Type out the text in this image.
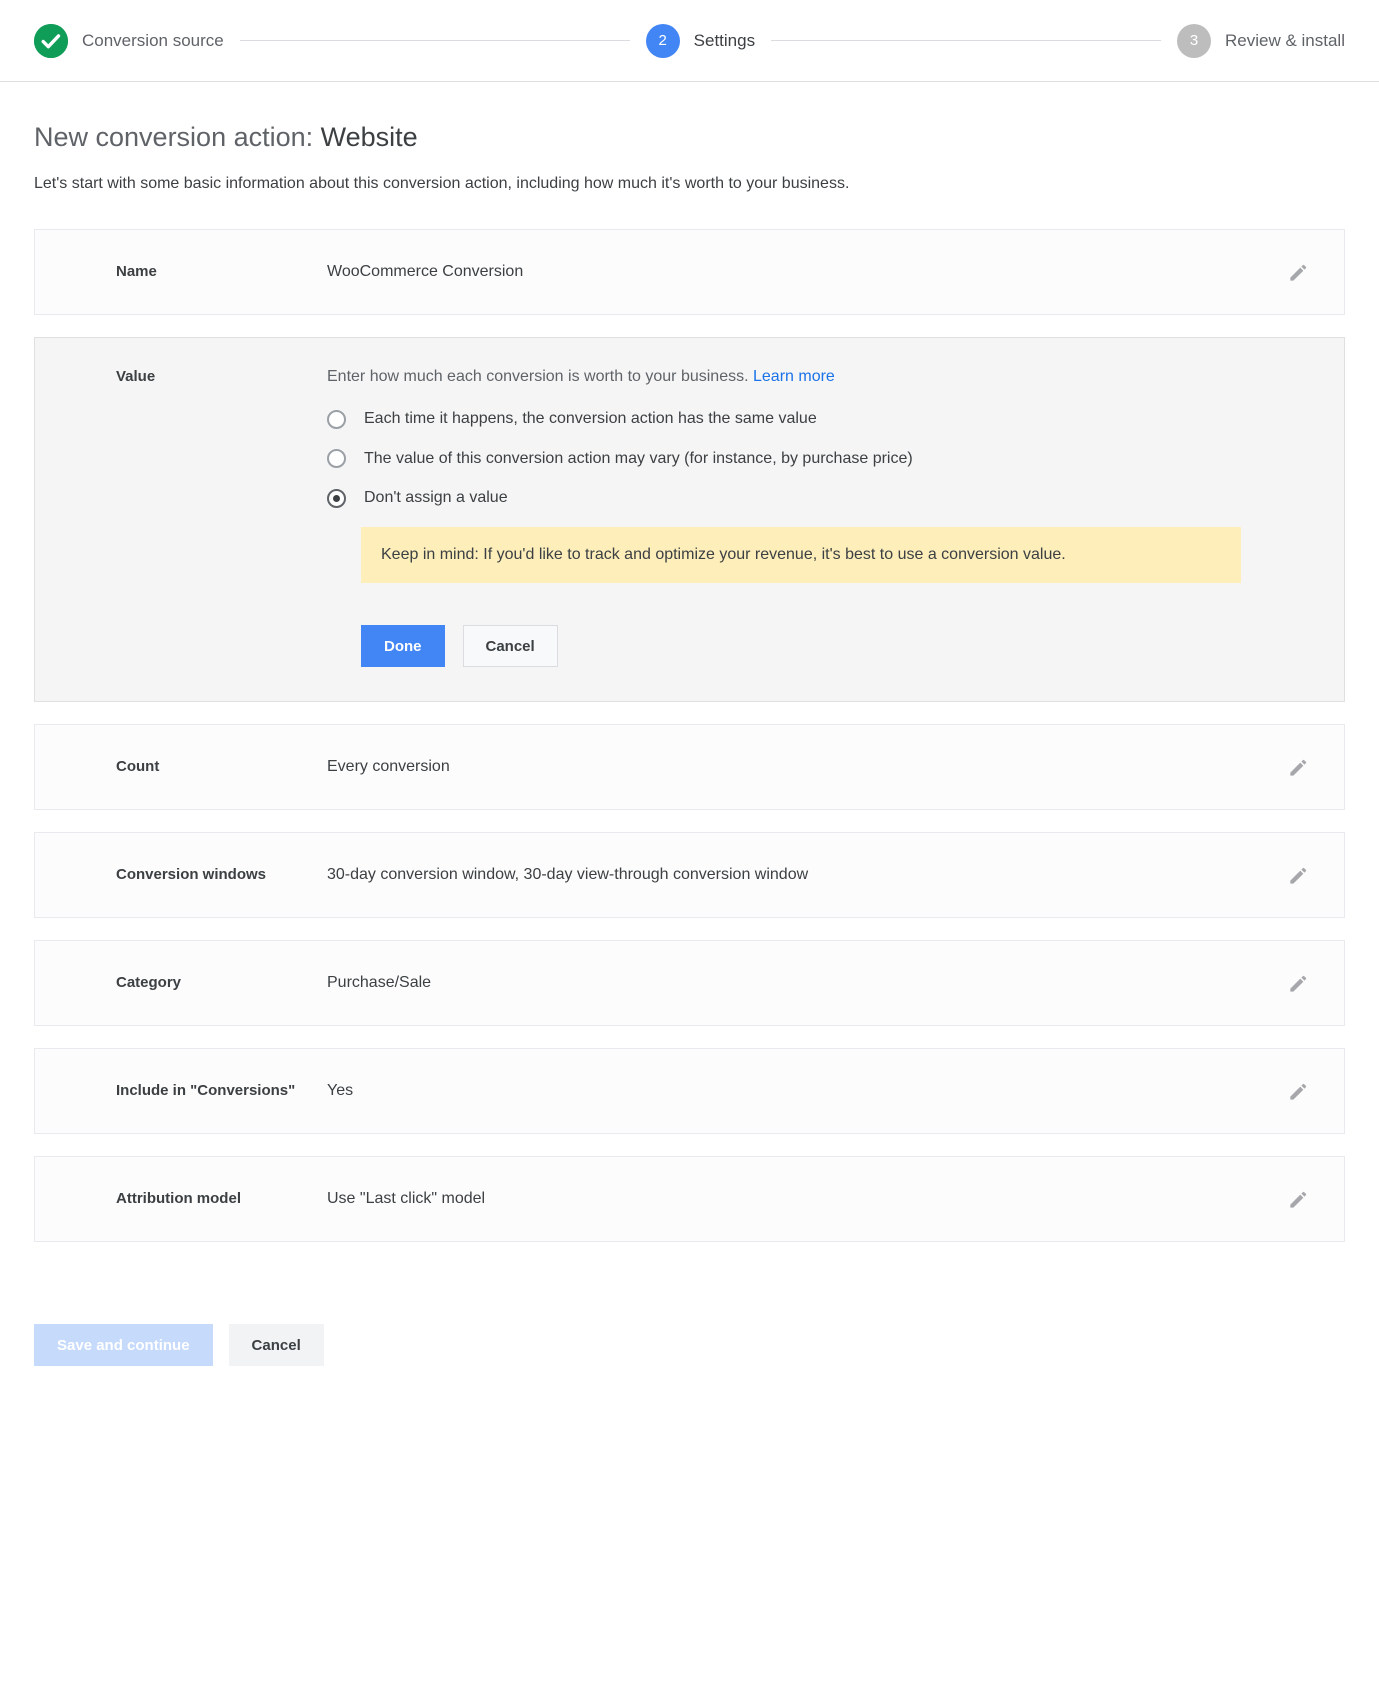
Conversion source	2	Settings	3	Review & install
New conversion action: Website

Let's start with some basic information about this conversion action, including how much it's worth to your business.

Name	WooCommerce Conversion
Value	Enter how much each conversion is worth to your business. Learn more
Each time it happens, the conversion action has the same value
The value of this conversion action may vary (for instance, by purchase price)
Don't assign a value
Keep in mind: If you'd like to track and optimize your revenue, it's best to use a conversion value.
Done	Cancel
Count	Every conversion
Conversion windows	30-day conversion window, 30-day view-through conversion window
Category	Purchase/Sale
Include in "Conversions"	Yes
Attribution model	Use "Last click" model
Save and continue	Cancel
